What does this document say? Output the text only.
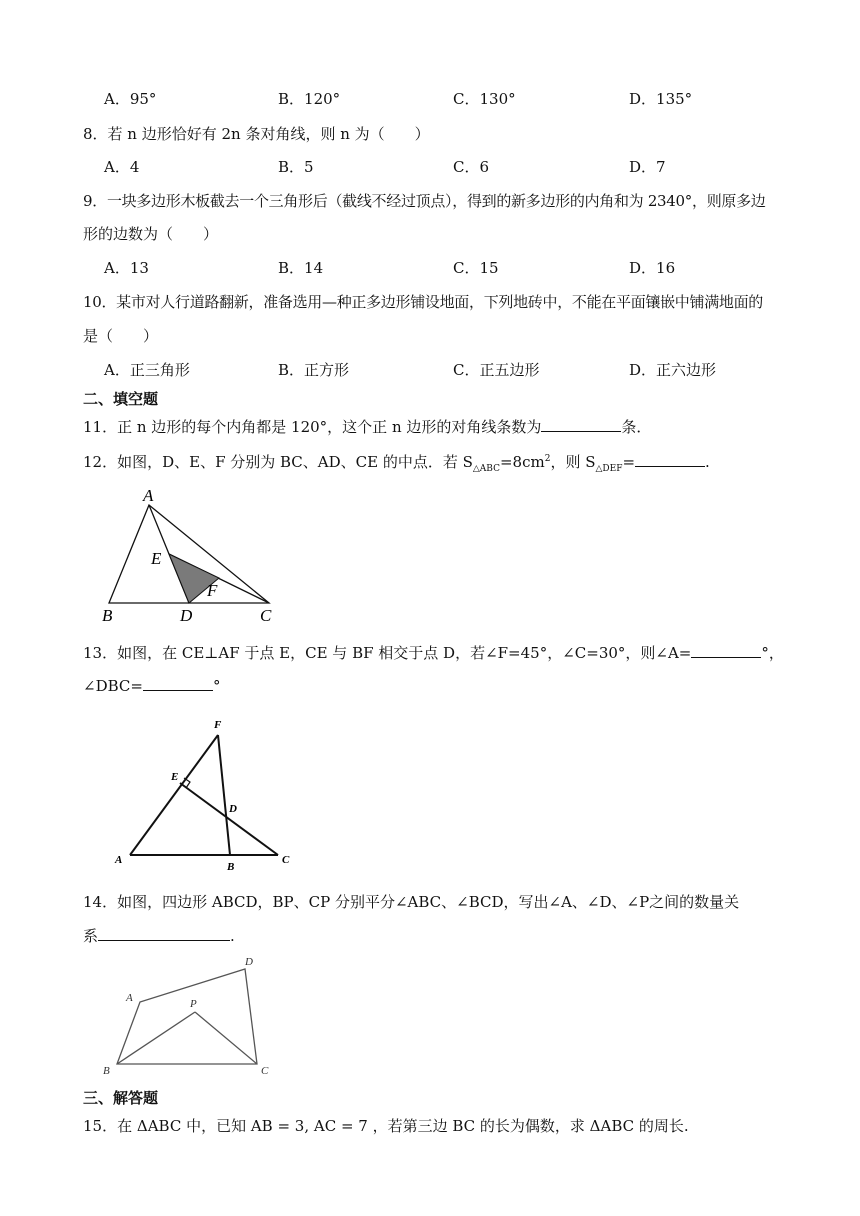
A．95°	B．120°	C．130°	D．135°
8．若 n 边形恰好有 2n 条对角线，则 n 为（　　）
A．4	B．5	C．6	D．7
9．一块多边形木板截去一个三角形后（截线不经过顶点），得到的新多边形的内角和为 2340°，则原多边
形的边数为（　　）
A．13	B．14	C．15	D．16
10．某市对人行道路翻新，准备选用—种正多边形铺设地面，下列地砖中，不能在平面镶嵌中铺满地面的
是（　　）
A．正三角形	B．正方形	C．正五边形	D．正六边形
二、填空题
11．正 n 边形的每个内角都是 120°，这个正 n 边形的对角线条数为	条．
12．如图，D、E、F 分别为 BC、AD、CE 的中点．若 $S_{\triangle ABC}=8cm^2$，则 $S_{\triangle DEF}=$	.
A
B	C
D
E
F
13．如图，在 CE⊥AF 于点 E，CE 与 BF 相交于点 D，若∠F=45°，∠C=30°，则∠A=	°，
∠DBC=	°
F
E
D
A
B
C
14．如图，四边形 ABCD，BP、CP 分别平分∠ABC、∠BCD，写出∠A、∠D、∠P之间的数量关
系	.
A
D
P
B	C
三、解答题
15．在 ΔABC 中，已知 AB = 3, AC = 7 ，若第三边 BC 的长为偶数，求 ΔABC 的周长.
